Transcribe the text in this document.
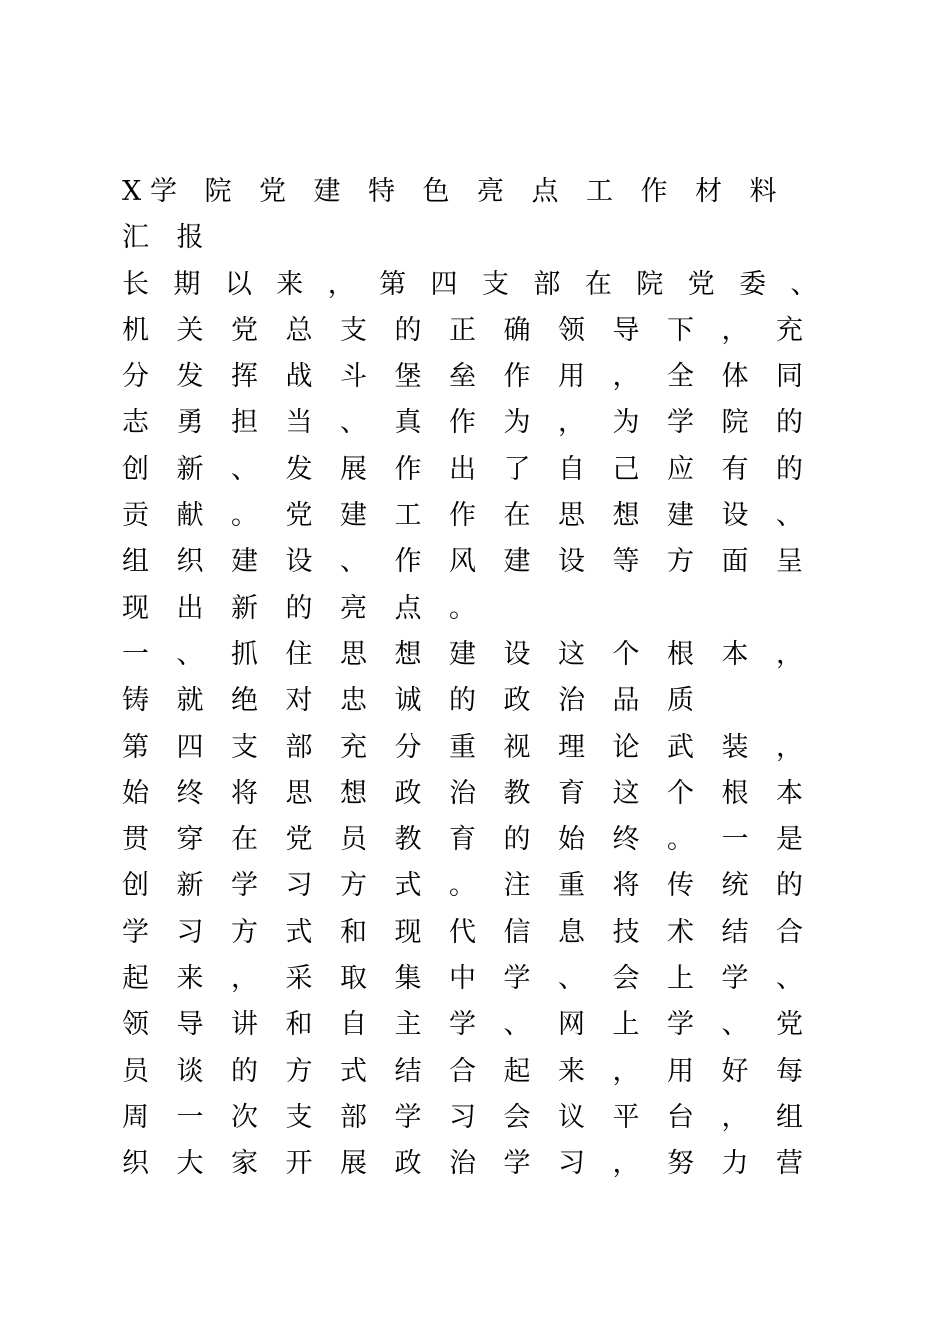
X 学	院	党	建	特	色	亮	点	工	作	材	料
汇	报
长 期 以 来 ， 第 四 支 部 在 院 党 委 、
机	关	党	总	支	的	正	确	领	导	下	，	充
分	发	挥	战	斗	堡	垒	作	用	，	全	体	同
志	勇	担	当	、	真	作	为	，	为	学	院	的
创	新	、	发	展	作	出	了	自	己	应	有	的
贡	献	。	党	建	工	作	在	思	想	建	设	、
组	织	建	设	、	作	风	建	设	等	方	面	呈
现	出	新	的	亮	点	。
一	、	抓	住	思	想	建	设	这	个	根	本	，
铸	就	绝	对	忠	诚	的	政	治	品	质
第	四	支	部	充	分	重	视	理	论	武	装	，
始	终	将	思	想	政	治	教	育	这	个	根	本
贯	穿	在	党	员	教	育	的	始	终	。	一	是
创	新	学	习	方	式	。	注	重	将	传	统	的
学	习	方	式	和	现	代	信	息	技	术	结	合
起	来	，	采	取	集	中	学	、	会	上	学	、
领	导	讲	和	自	主	学	、	网	上	学	、	党
员	谈	的	方	式	结	合	起	来	，	用	好	每
周	一	次	支	部	学	习	会	议	平	台	，	组
织	大	家	开	展	政	治	学	习	，	努	力	营
